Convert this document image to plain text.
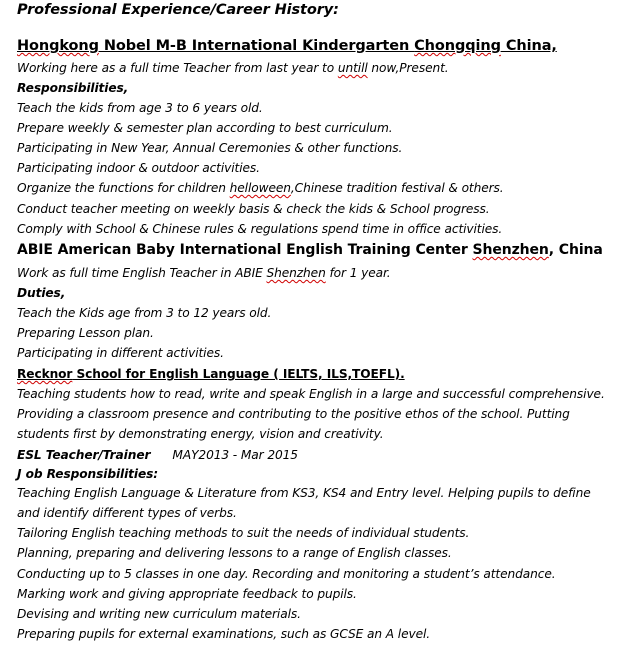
Professional Experience/Career History:
Hongkong Nobel M-B International Kindergarten Chongqing China,
Working here as a full time Teacher from last year to untill now,Present.
Responsibilities,
Teach the kids from age 3 to 6 years old.
Prepare weekly & semester plan according to best curriculum.
Participating in New Year, Annual Ceremonies & other functions.
Participating indoor & outdoor activities.
Organize the functions for children helloween,Chinese tradition festival & others.
Conduct teacher meeting on weekly basis & check the kids & School progress.
Comply with School & Chinese rules & regulations spend time in office activities.
ABIE American Baby International English Training Center Shenzhen, China
Work as full time English Teacher in ABIE Shenzhen for 1 year.
Duties,
Teach the Kids age from 3 to 12 years old.
Preparing Lesson plan.
Participating in different activities.
Recknor School for English Language ( IELTS, ILS,TOEFL).
Teaching students how to read, write and speak English in a large and successful comprehensive.
Providing a classroom presence and contributing to the positive ethos of the school. Putting
students first by demonstrating energy, vision and creativity.
ESL Teacher/Trainer MAY2013 - Mar 2015
J ob Responsibilities:
Teaching English Language & Literature from KS3, KS4 and Entry level. Helping pupils to define
and identify different types of verbs.
Tailoring English teaching methods to suit the needs of individual students.
Planning, preparing and delivering lessons to a range of English classes.
Conducting up to 5 classes in one day. Recording and monitoring a student’s attendance.
Marking work and giving appropriate feedback to pupils.
Devising and writing new curriculum materials.
Preparing pupils for external examinations, such as GCSE an A level.
